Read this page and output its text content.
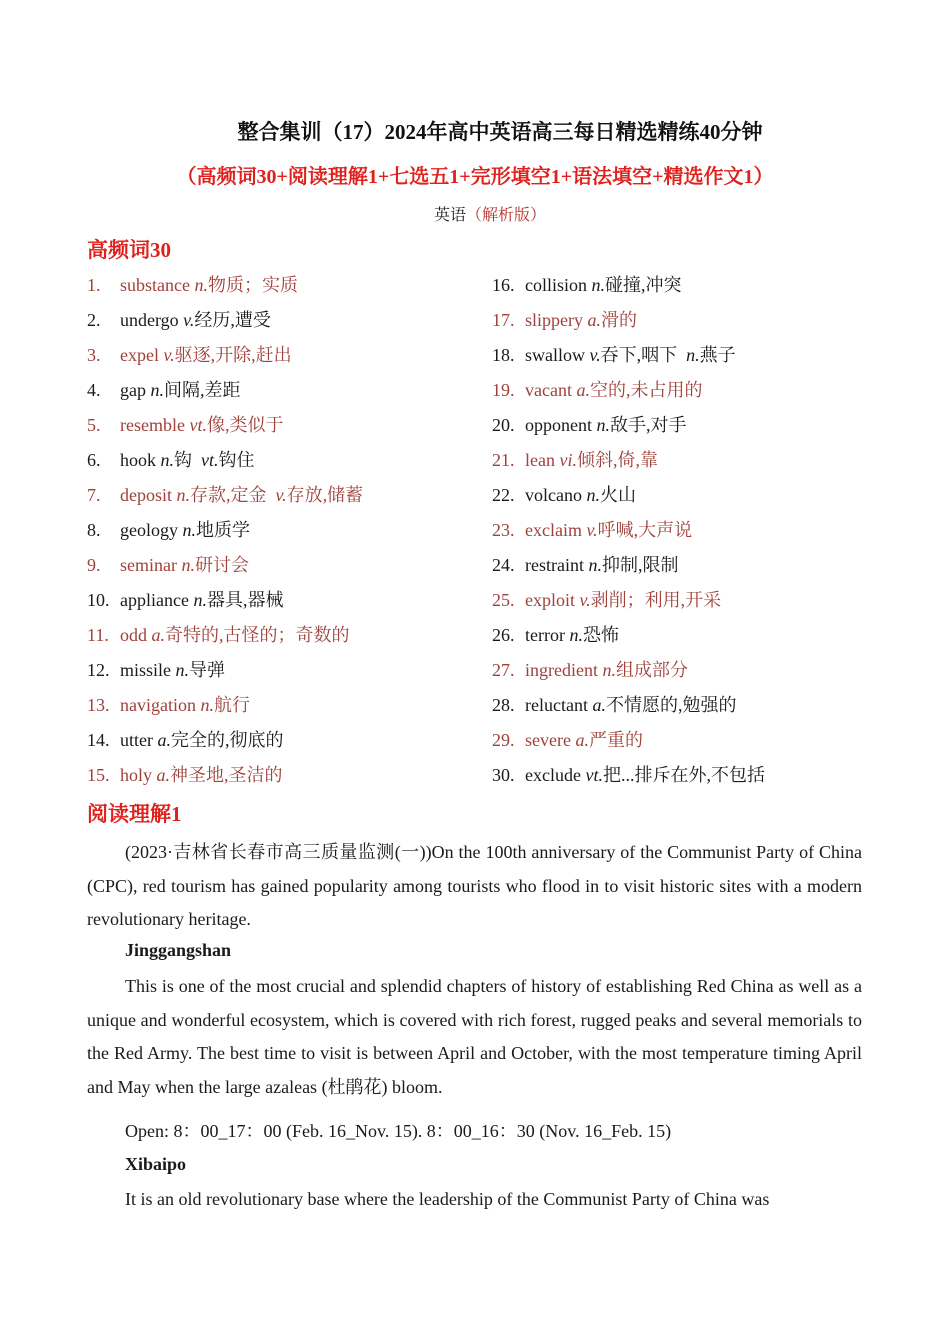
整合集训（17）2024年高中英语高三每日精选精练40分钟
（高频词30+阅读理解1+七选五1+完形填空1+语法填空+精选作文1）
英语（解析版）
高频词30
1.	substance n.物质；实质
2.	undergo v.经历,遭受
3.	expel v.驱逐,开除,赶出
4.	gap n.间隔,差距
5.	resemble vt.像,类似于
6.	hook n.钩  vt.钩住
7.	deposit n.存款,定金  v.存放,储蓄
8.	geology n.地质学
9.	seminar n.研讨会
10. appliance n.器具,器械
11. odd a.奇特的,古怪的；奇数的
12. missile n.导弹
13. navigation n.航行
14. utter a.完全的,彻底的
15. holy a.神圣地,圣洁的
16. collision n.碰撞,冲突
17. slippery a.滑的
18. swallow v.吞下,咽下  n.燕子
19. vacant a.空的,未占用的
20. opponent n.敌手,对手
21. lean vi.倾斜,倚,靠
22. volcano n.火山
23. exclaim v.呼喊,大声说
24. restraint n.抑制,限制
25. exploit v.剥削；利用,开采
26. terror n.恐怖
27. ingredient n.组成部分
28. reluctant a.不情愿的,勉强的
29. severe a.严重的
30. exclude vt.把...排斥在外,不包括
阅读理解1
(2023·吉林省长春市高三质量监测(一))On the 100th anniversary of the Communist Party of China (CPC), red tourism has gained popularity among tourists who flood in to visit historic sites with a modern revolutionary heritage.
Jinggangshan
This is one of the most crucial and splendid chapters of history of establishing Red China as well as a unique and wonderful ecosystem, which is covered with rich forest, rugged peaks and several memorials to the Red Army. The best time to visit is between April and October, with the most temperature timing April and May when the large azaleas (杜鹃花) bloom.
Open: 8：00_17：00 (Feb. 16_Nov. 15). 8：00_16：30 (Nov. 16_Feb. 15)
Xibaipo
It is an old revolutionary base where the leadership of the Communist Party of China was
